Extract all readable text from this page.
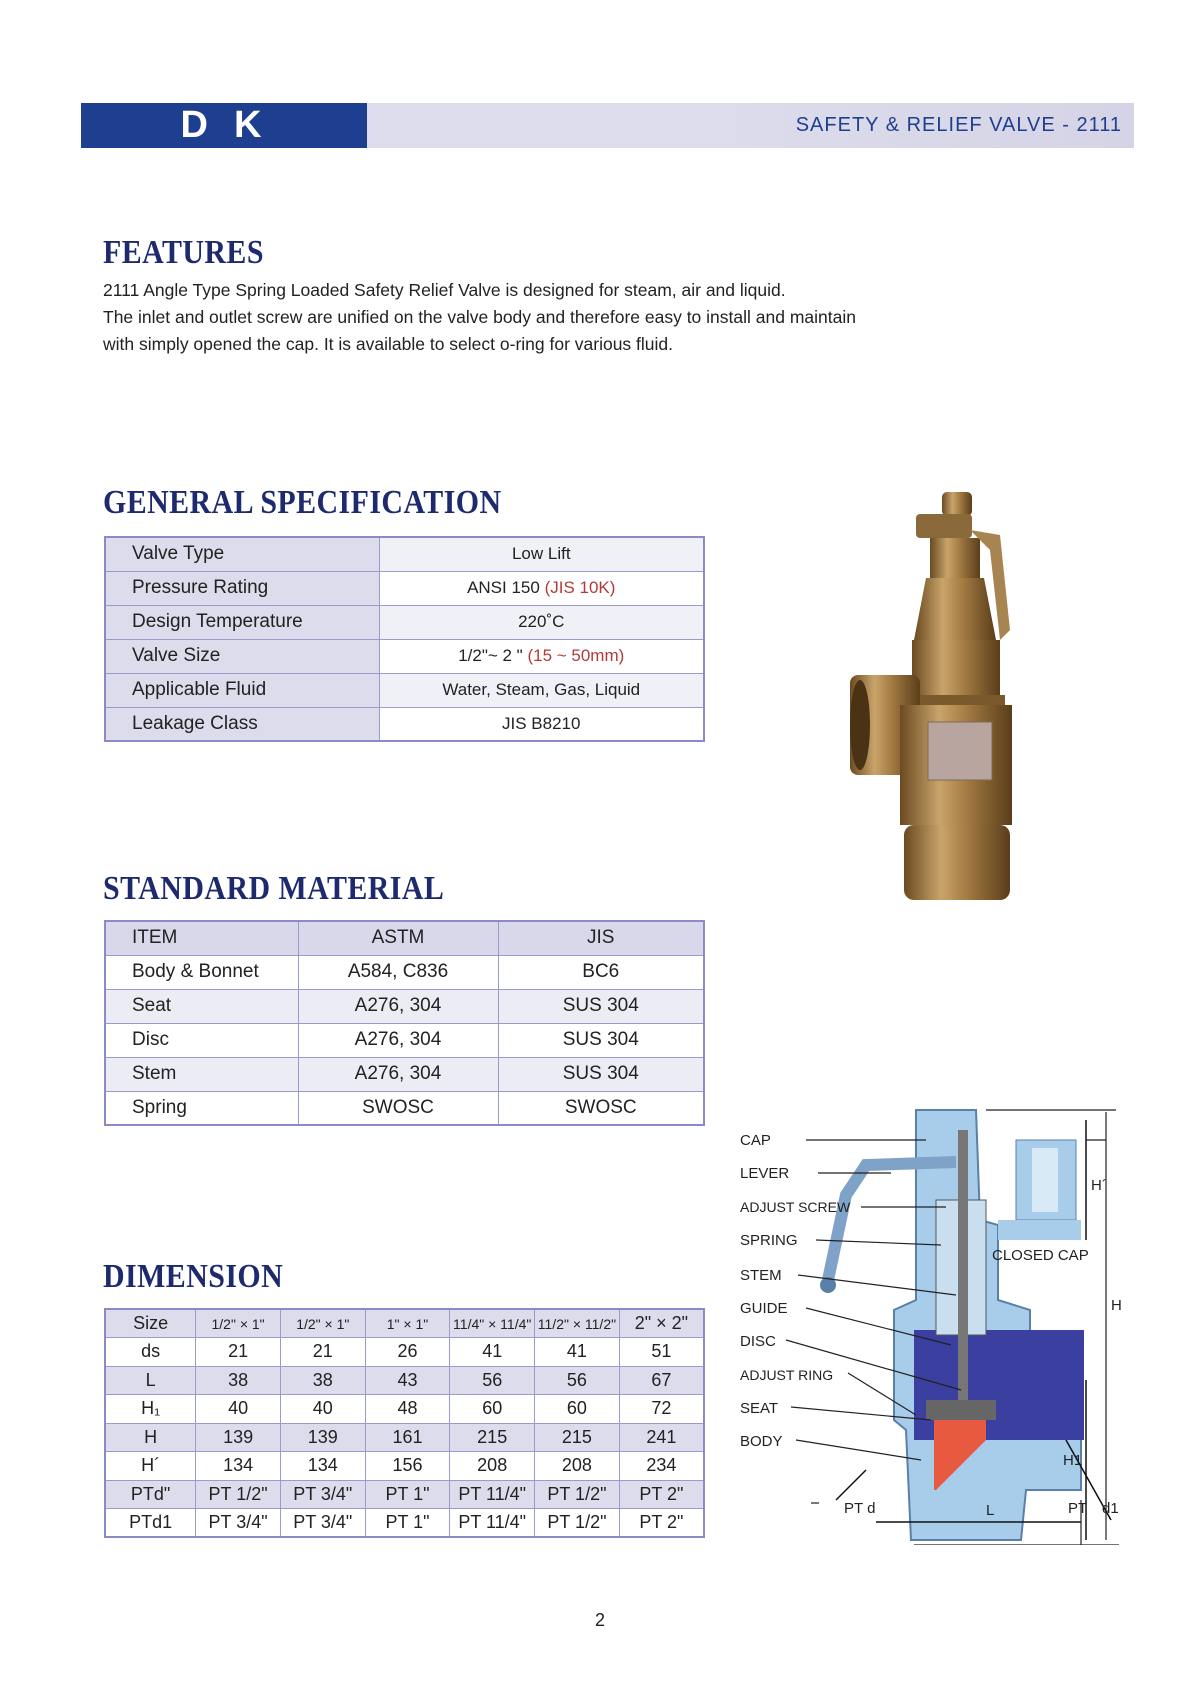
DK	SAFETY & RELIEF VALVE - 2111
FEATURES
2111 Angle Type Spring Loaded Safety Relief Valve is designed for steam, air and liquid.
The inlet and outlet screw are unified on the valve body and therefore easy to install and maintain
with simply opened the cap. It is available to select o-ring for various fluid.
GENERAL SPECIFICATION
Valve Type	Low Lift
Pressure Rating	ANSI 150 (JIS 10K)
Design Temperature	220˚C
Valve Size	1/2"~ 2 " (15 ~ 50mm)
Applicable Fluid	Water, Steam, Gas, Liquid
Leakage Class	JIS B8210
STANDARD MATERIAL
ITEM	ASTM	JIS
Body & Bonnet	A584, C836	BC6
Seat	A276, 304	SUS 304
Disc	A276, 304	SUS 304
Stem	A276, 304	SUS 304
Spring	SWOSC	SWOSC
DIMENSION
Size	1/2" × 1"	1/2" × 1"	1" × 1"	11/4" × 11/4"	11/2" × 11/2"	2" × 2"
ds	21	21	26	41	41	51
L	38	38	43	56	56	67
H₁	40	40	48	60	60	72
H	139	139	161	215	215	241
H´	134	134	156	208	208	234
PTd"	PT 1/2"	PT 3/4"	PT 1"	PT 11/4"	PT 1/2"	PT 2"
PTd1	PT 3/4"	PT 3/4"	PT 1"	PT 11/4"	PT 1/2"	PT 2"
CAP
LEVER
ADJUST SCREW
SPRING
STEM
GUIDE
DISC
ADJUST RING
SEAT
BODY
CLOSED CAP
H´
H
H1
L
PT d	PT d1
2
